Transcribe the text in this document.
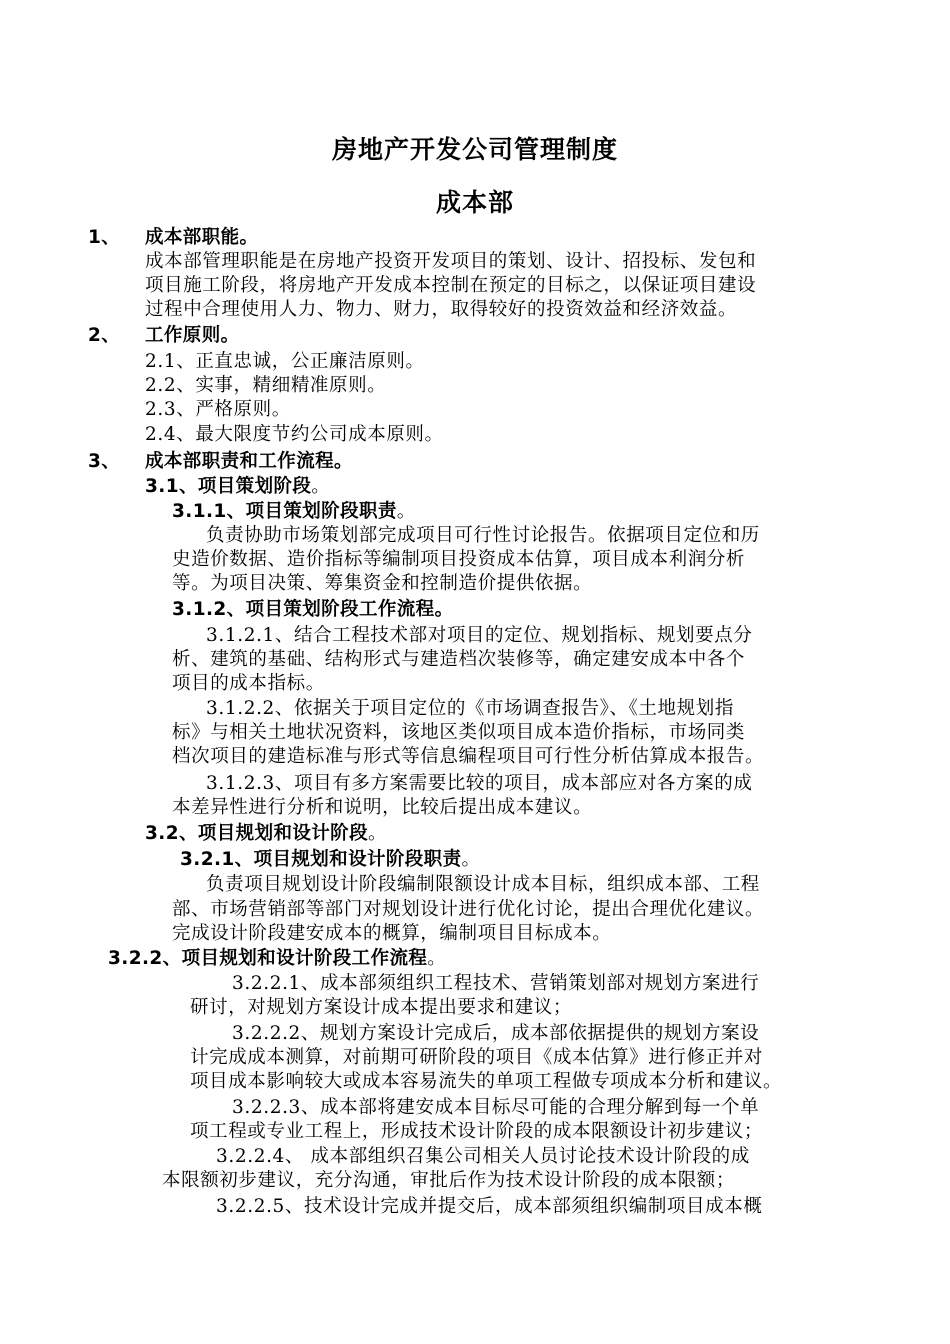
房地产开发公司管理制度

成本部

1、 成本部职能。

成本部管理职能是在房地产投资开发项目的策划、设计、招投标、发包和

项目施工阶段，将房地产开发成本控制在预定的目标之，以保证项目建设

过程中合理使用人力、物力、财力，取得较好的投资效益和经济效益。

2、 工作原则。

2.1、正直忠诚，公正廉洁原则。

2.2、实事，精细精准原则。

2.3、严格原则。

2.4、最大限度节约公司成本原则。

3、 成本部职责和工作流程。

3.1、项目策划阶段。

3.1.1、项目策划阶段职责。

负责协助市场策划部完成项目可行性讨论报告。依据项目定位和历

史造价数据、造价指标等编制项目投资成本估算，项目成本利润分析

等。为项目决策、筹集资金和控制造价提供依据。

3.1.2、项目策划阶段工作流程。

3.1.2.1、结合工程技术部对项目的定位、规划指标、规划要点分

析、建筑的基础、结构形式与建造档次装修等，确定建安成本中各个

项目的成本指标。

3.1.2.2、依据关于项目定位的《市场调查报告》、《土地规划指

标》与相关土地状况资料，该地区类似项目成本造价指标，市场同类

档次项目的建造标准与形式等信息编程项目可行性分析估算成本报告。

3.1.2.3、项目有多方案需要比较的项目，成本部应对各方案的成

本差异性进行分析和说明，比较后提出成本建议。

3.2、项目规划和设计阶段。

3.2.1、项目规划和设计阶段职责。

负责项目规划设计阶段编制限额设计成本目标，组织成本部、工程

部、市场营销部等部门对规划设计进行优化讨论，提出合理优化建议。

完成设计阶段建安成本的概算，编制项目目标成本。

3.2.2、项目规划和设计阶段工作流程。

3.2.2.1、成本部须组织工程技术、营销策划部对规划方案进行

研讨，对规划方案设计成本提出要求和建议；

3.2.2.2、规划方案设计完成后，成本部依据提供的规划方案设

计完成成本测算，对前期可研阶段的项目《成本估算》进行修正并对

项目成本影响较大或成本容易流失的单项工程做专项成本分析和建议。

3.2.2.3、成本部将建安成本目标尽可能的合理分解到每一个单

项工程或专业工程上，形成技术设计阶段的成本限额设计初步建议；

3.2.2.4、 成本部组织召集公司相关人员讨论技术设计阶段的成

本限额初步建议，充分沟通，审批后作为技术设计阶段的成本限额；

3.2.2.5、技术设计完成并提交后，成本部须组织编制项目成本概
